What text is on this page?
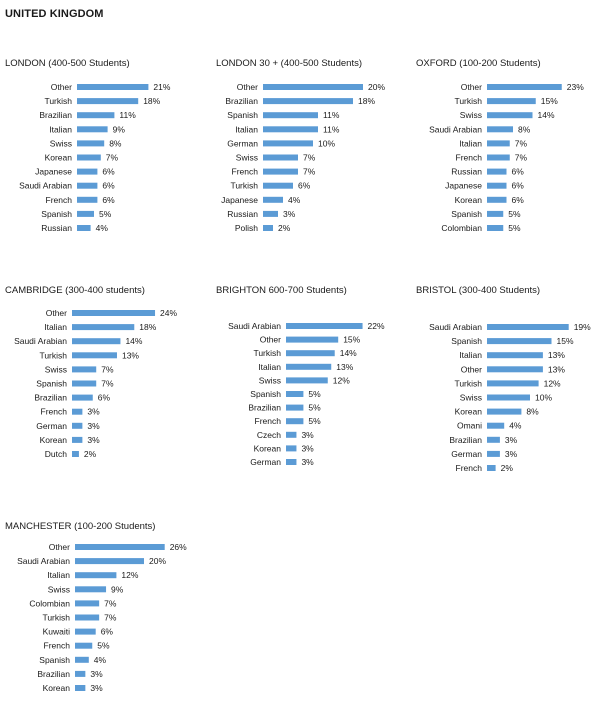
UNITED KINGDOM
LONDON (400-500 Students)
Other	21%
Turkish	18%
Brazilian	11%
Italian	9%
Swiss	8%
Korean	7%
Japanese	6%
Saudi Arabian	6%
French	6%
Spanish	5%
Russian	4%
LONDON 30 + (400-500 Students)
Other	20%
Brazilian	18%
Spanish	11%
Italian	11%
German	10%
Swiss	7%
French	7%
Turkish	6%
Japanese	4%
Russian	3%
Polish 2%
OXFORD (100-200 Students)
Other	23%
Turkish	15%
Swiss	14%
Saudi Arabian	8%
Italian	7%
French	7%
Russian	6%
Japanese	6%
Korean	6%
Spanish	5%
Colombian	5%
CAMBRIDGE (300-400 students)
Other	24%
Italian	18%
Saudi Arabian	14%
Turkish	13%
Swiss	7%
Spanish	7%
Brazilian	6%
French 3%
German 3%
Korean 3%
Dutch 2%
BRIGHTON 600-700 Students)
Saudi Arabian	22%
Other	15%
Turkish	14%
Italian	13%
Swiss	12%
Spanish	5%
Brazilian	5%
French	5%
Czech 3%
Korean 3%
German 3%
BRISTOL (300-400 Students)
Saudi Arabian	19%
Spanish	15%
Italian	13%
Other	13%
Turkish	12%
Swiss	10%
Korean	8%
Omani	4%
Brazilian	3%
German	3%
French 2%
MANCHESTER (100-200 Students)
Other	26%
Saudi Arabian	20%
Italian	12%
Swiss	9%
Colombian	7%
Turkish	7%
Kuwaiti	6%
French	5%
Spanish	4%
Brazilian 3%
Korean 3%
